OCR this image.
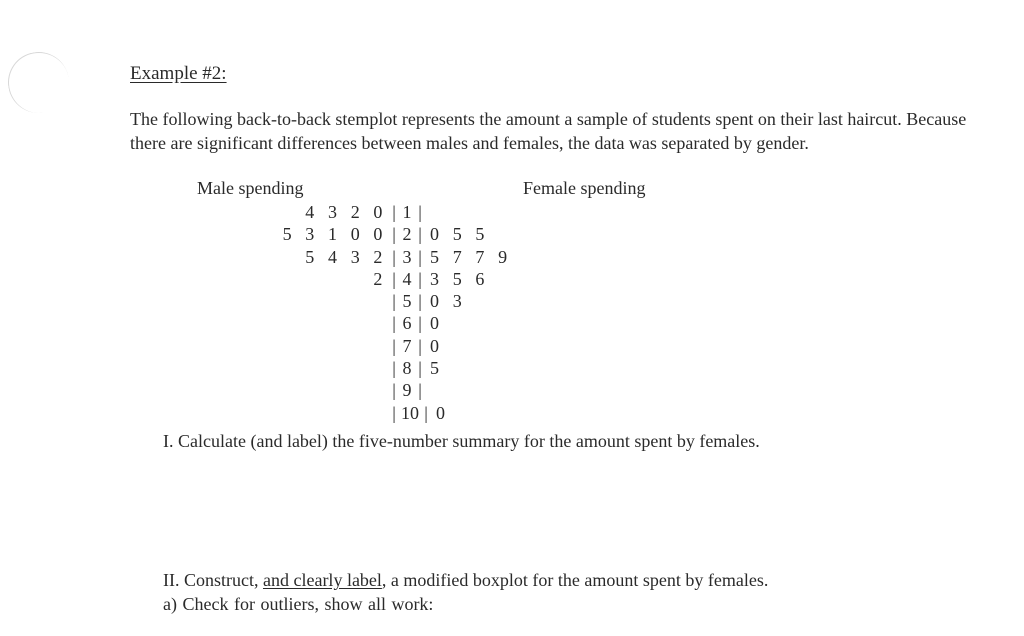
Example #2:
The following back-to-back stemplot represents the amount a sample of students spent on their last haircut. Because there are significant differences between males and females, the data was separated by gender.
Male spending	Female spending
4 3 2 0 | 1 |
5 3 1 0 0 | 2 | 0 5 5
5 4 3 2 | 3 | 5 7 7 9
2 | 4 | 3 5 6
| 5 | 0 3
| 6 | 0
| 7 | 0
| 8 | 5
| 9 |
| 10 | 0
I. Calculate (and label) the five-number summary for the amount spent by females.
II. Construct, and clearly label, a modified boxplot for the amount spent by females.
a) Check for outliers, show all work:
